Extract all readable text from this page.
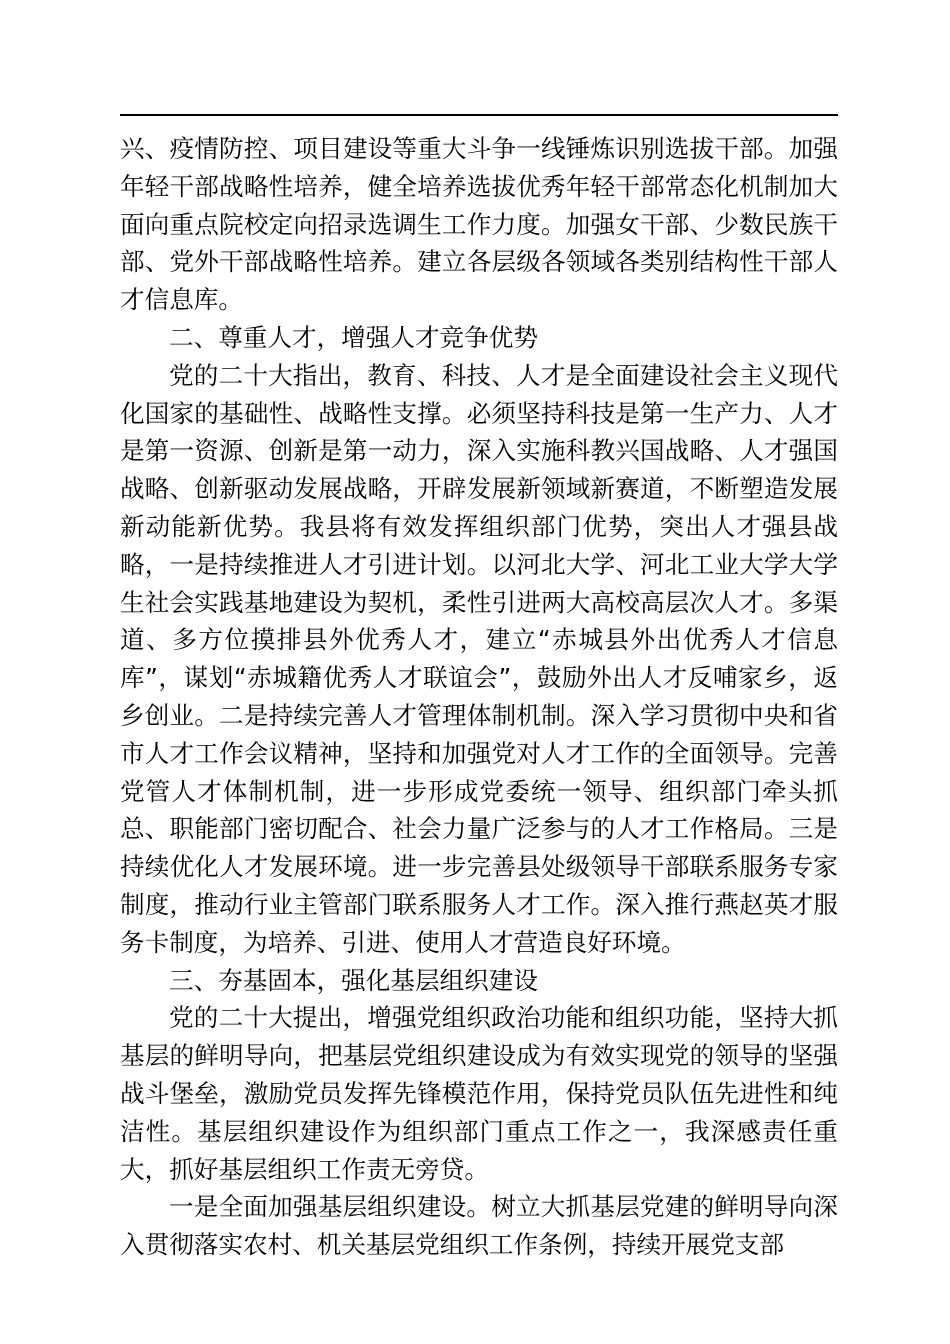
兴、疫情防控、项目建设等重大斗争一线锤炼识别选拔干部。加强年轻干部战略性培养，健全培养选拔优秀年轻干部常态化机制加大面向重点院校定向招录选调生工作力度。加强女干部、少数民族干部、党外干部战略性培养。建立各层级各领域各类别结构性干部人才信息库。

二、尊重人才，增强人才竞争优势

党的二十大指出，教育、科技、人才是全面建设社会主义现代化国家的基础性、战略性支撑。必须坚持科技是第一生产力、人才是第一资源、创新是第一动力，深入实施科教兴国战略、人才强国战略、创新驱动发展战略，开辟发展新领域新赛道，不断塑造发展新动能新优势。我县将有效发挥组织部门优势，突出人才强县战略，一是持续推进人才引进计划。以河北大学、河北工业大学大学生社会实践基地建设为契机，柔性引进两大高校高层次人才。多渠道、多方位摸排县外优秀人才，建立“赤城县外出优秀人才信息库”，谋划“赤城籍优秀人才联谊会”，鼓励外出人才反哺家乡，返乡创业。二是持续完善人才管理体制机制。深入学习贯彻中央和省市人才工作会议精神，坚持和加强党对人才工作的全面领导。完善党管人才体制机制，进一步形成党委统一领导、组织部门牵头抓总、职能部门密切配合、社会力量广泛参与的人才工作格局。三是持续优化人才发展环境。进一步完善县处级领导干部联系服务专家制度，推动行业主管部门联系服务人才工作。深入推行燕赵英才服务卡制度，为培养、引进、使用人才营造良好环境。

三、夯基固本，强化基层组织建设

党的二十大提出，增强党组织政治功能和组织功能，坚持大抓基层的鲜明导向，把基层党组织建设成为有效实现党的领导的坚强战斗堡垒，激励党员发挥先锋模范作用，保持党员队伍先进性和纯洁性。基层组织建设作为组织部门重点工作之一，我深感责任重大，抓好基层组织工作责无旁贷。

一是全面加强基层组织建设。树立大抓基层党建的鲜明导向深入贯彻落实农村、机关基层党组织工作条例，持续开展党支部
